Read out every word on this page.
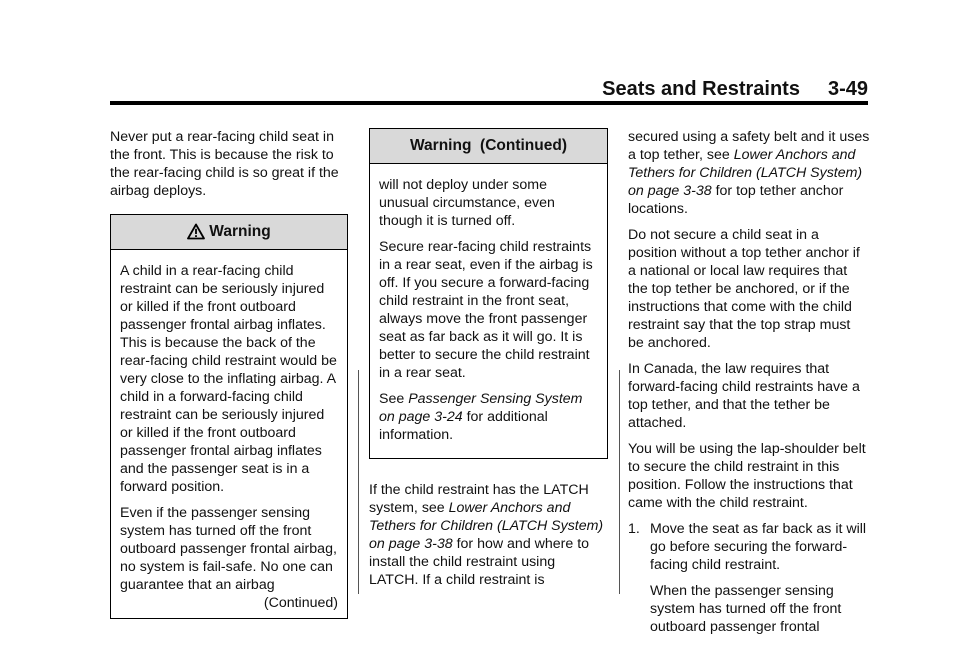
Seats and Restraints 3-49

Never put a rear-facing child seat in the front. This is because the risk to the rear-facing child is so great if the airbag deploys.

Warning

A child in a rear-facing child restraint can be seriously injured or killed if the front outboard passenger frontal airbag inflates. This is because the back of the rear-facing child restraint would be very close to the inflating airbag. A child in a forward-facing child restraint can be seriously injured or killed if the front outboard passenger frontal airbag inflates and the passenger seat is in a forward position.

Even if the passenger sensing system has turned off the front outboard passenger frontal airbag, no system is fail-safe. No one can guarantee that an airbag

(Continued)
Warning  (Continued)

will not deploy under some unusual circumstance, even though it is turned off.

Secure rear-facing child restraints in a rear seat, even if the airbag is off. If you secure a forward-facing child restraint in the front seat, always move the front passenger seat as far back as it will go. It is better to secure the child restraint in a rear seat.

See Passenger Sensing System on page 3-24 for additional information.

If the child restraint has the LATCH system, see Lower Anchors and Tethers for Children (LATCH System) on page 3-38 for how and where to install the child restraint using LATCH. If a child restraint is

secured using a safety belt and it uses a top tether, see Lower Anchors and Tethers for Children (LATCH System) on page 3-38 for top tether anchor locations.

Do not secure a child seat in a position without a top tether anchor if a national or local law requires that the top tether be anchored, or if the instructions that come with the child restraint say that the top strap must be anchored.

In Canada, the law requires that forward-facing child restraints have a top tether, and that the tether be attached.

You will be using the lap-shoulder belt to secure the child restraint in this position. Follow the instructions that came with the child restraint.

1. Move the seat as far back as it will go before securing the forward-facing child restraint.

When the passenger sensing system has turned off the front outboard passenger frontal
